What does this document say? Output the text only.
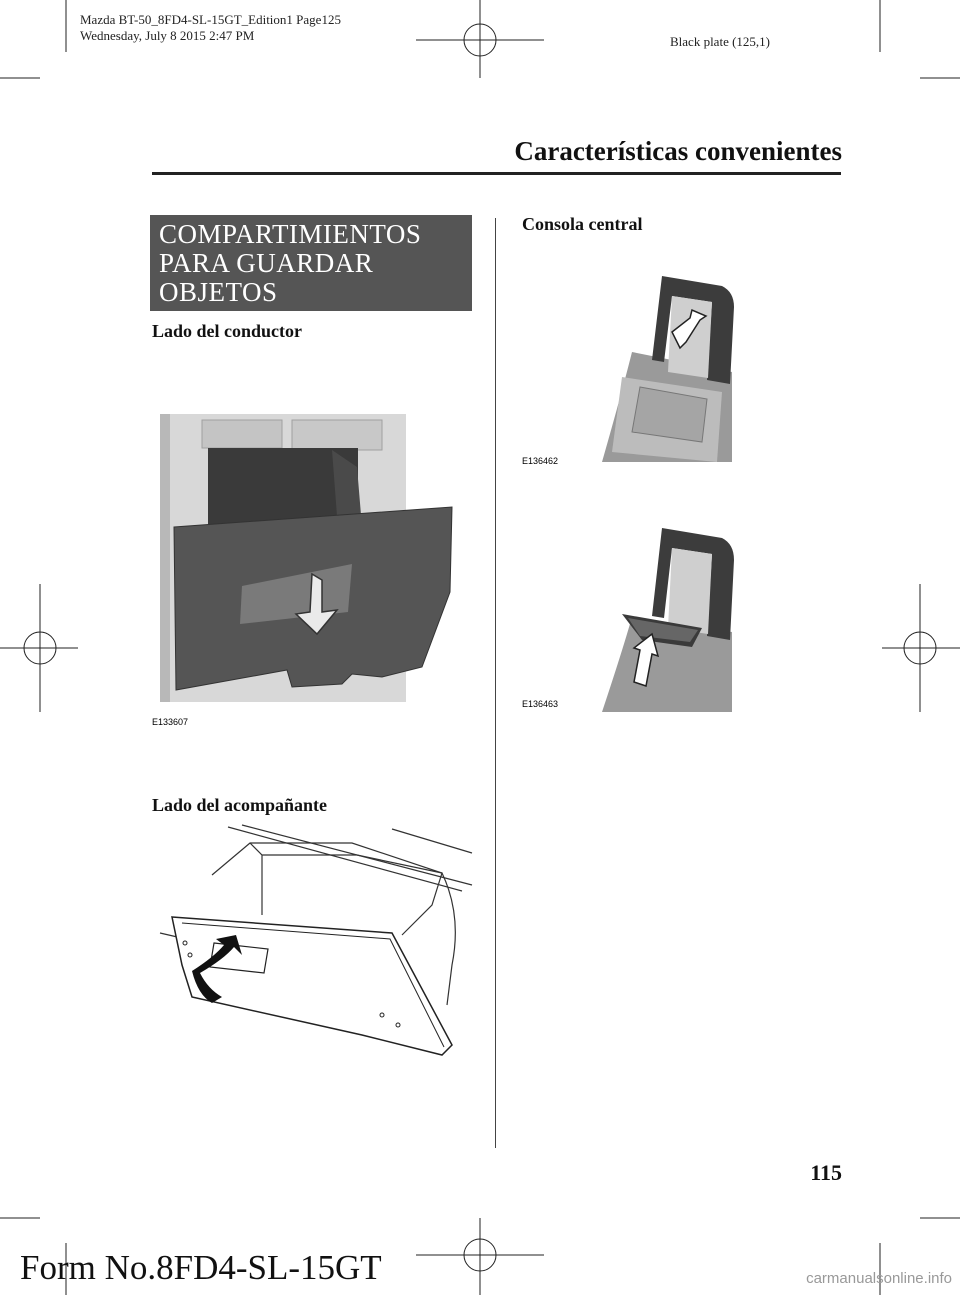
Mazda BT-50_8FD4-SL-15GT_Edition1 Page125
Wednesday, July 8 2015 2:47 PM	Black plate (125,1)
Características convenientes
COMPARTIMIENTOS
PARA GUARDAR
OBJETOS
Lado del conductor
E133607
Lado del acompañante
Consola central
E136462
E136463
115
Form No.8FD4-SL-15GT	carmanualsonline.info
